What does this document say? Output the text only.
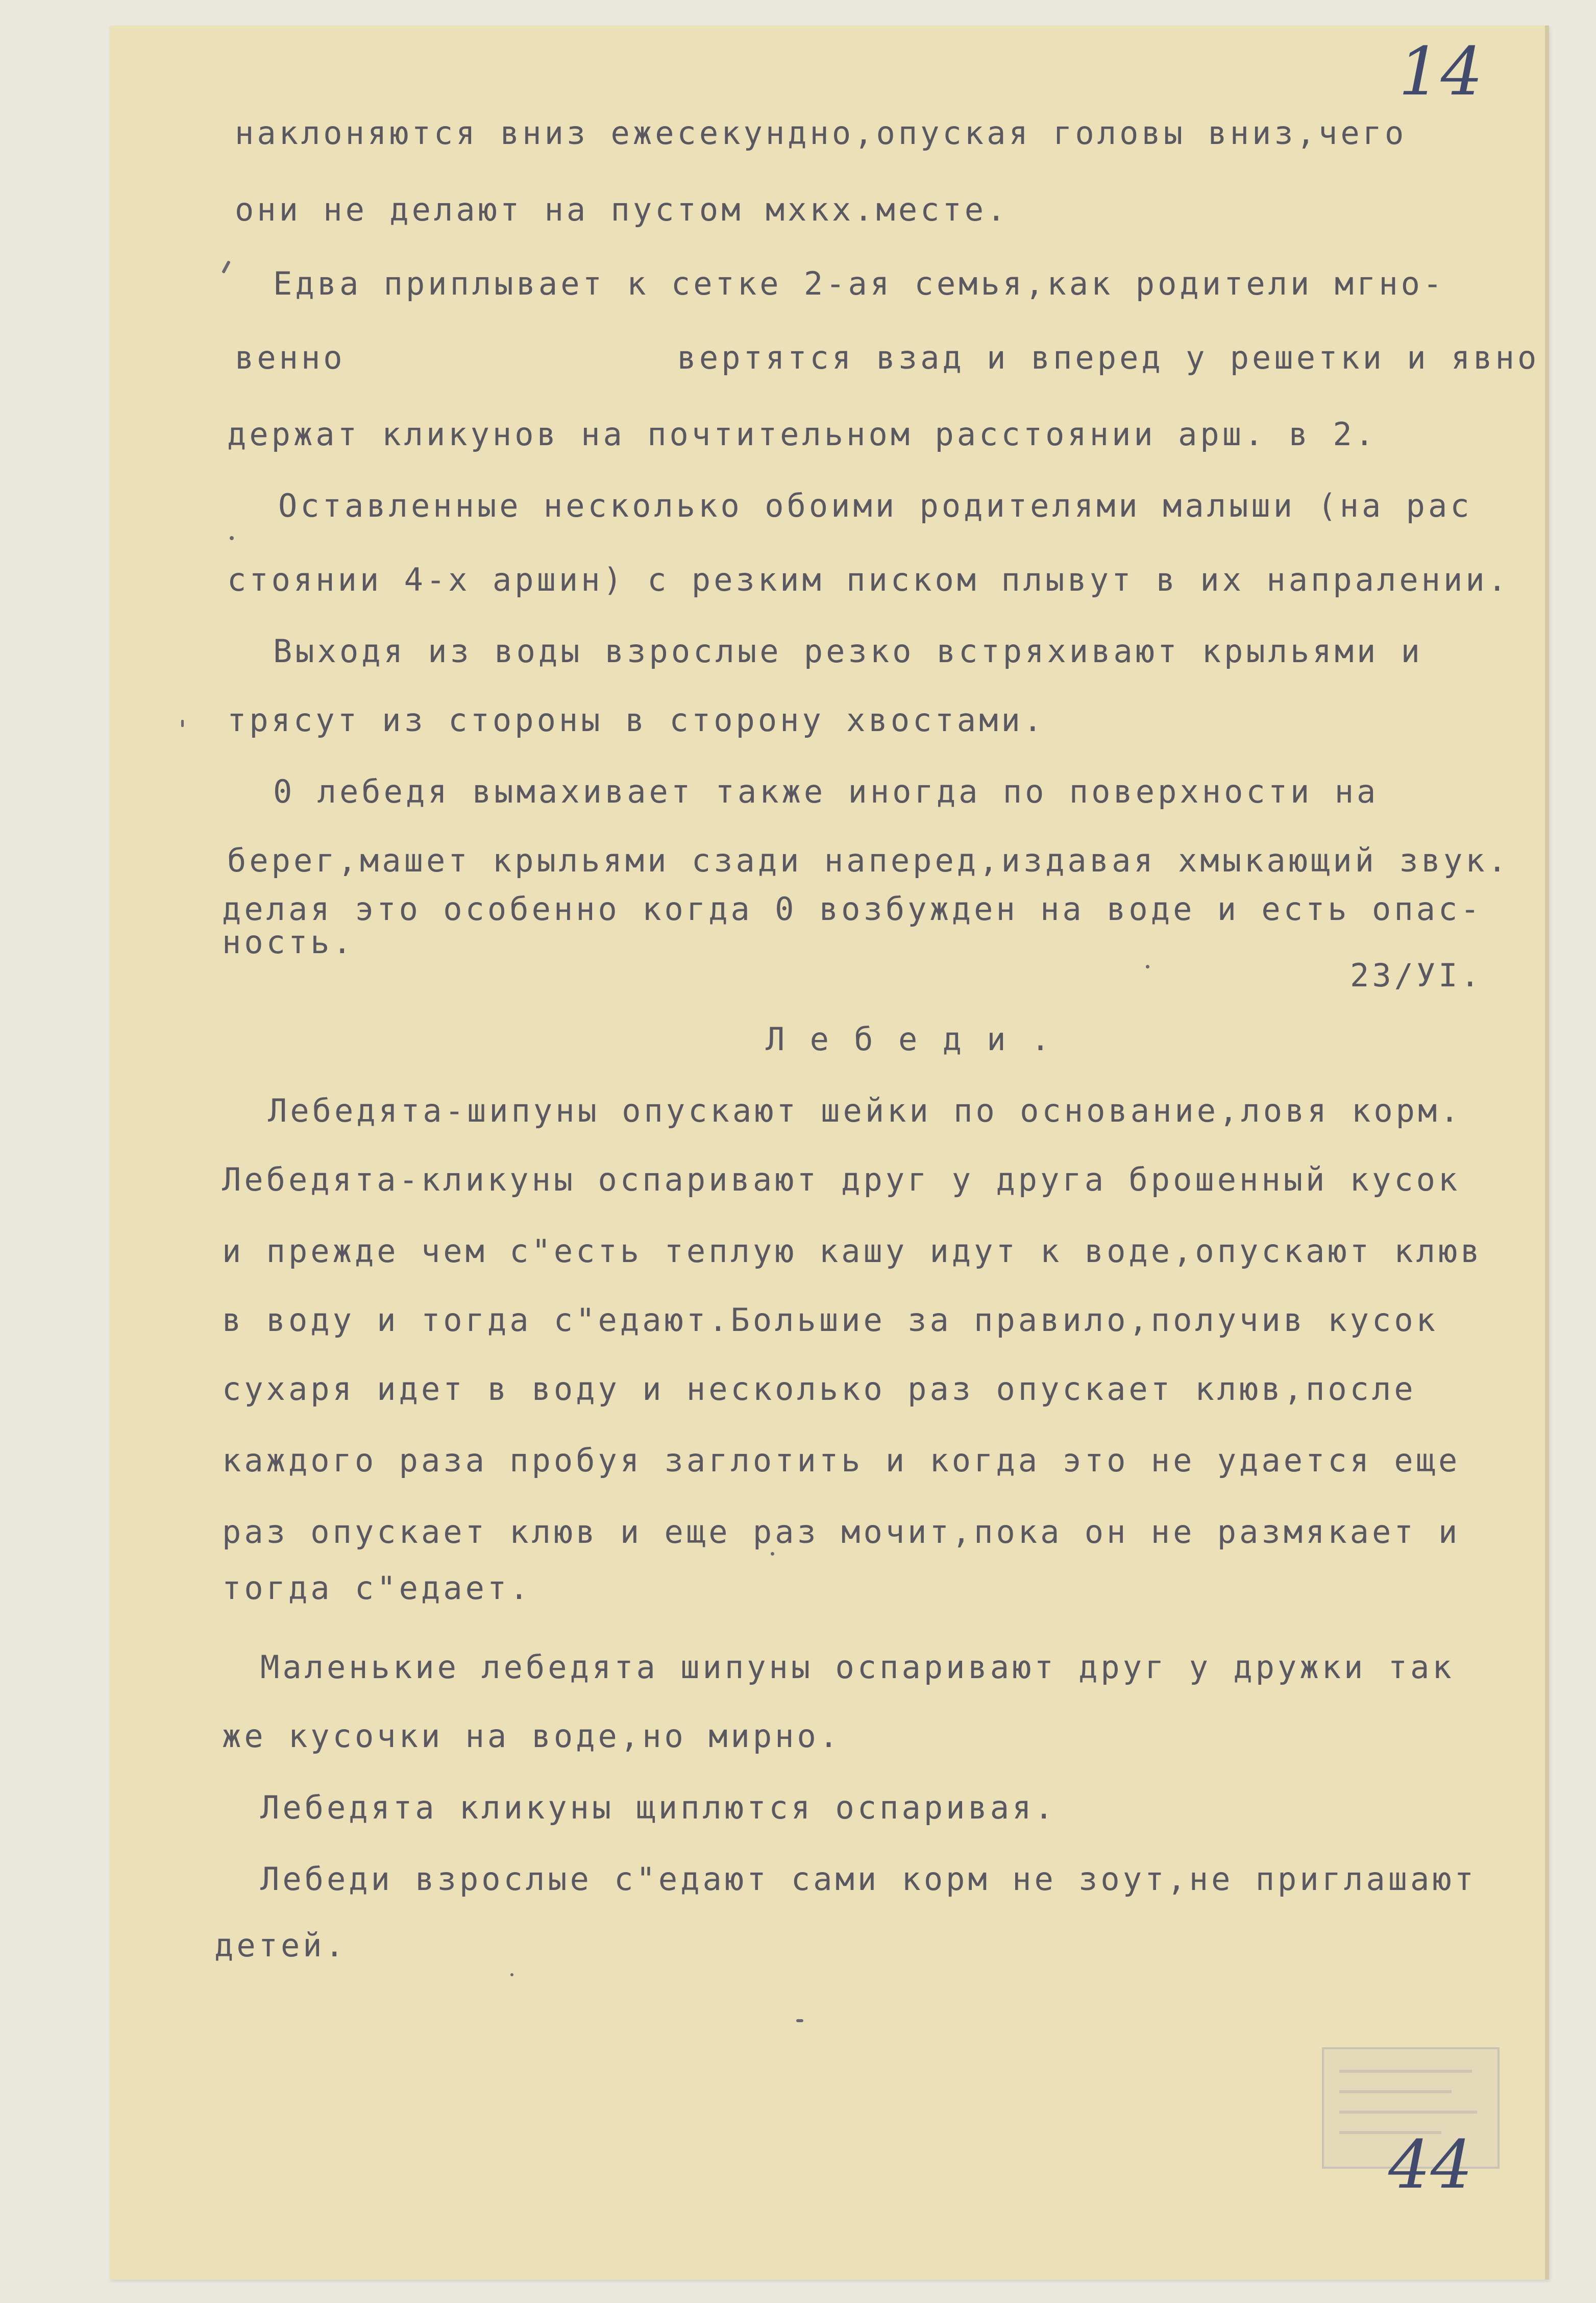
14
наклоняются вниз ежесекундно,опуская головы вниз,чего
они не делают на пустом мхкх.месте.
Едва приплывает к сетке 2-ая семья,как родители мгно-
венно               вертятся взад и вперед у решетки и явно
держат кликунов на почтительном расстоянии арш. в 2.
Оставленные несколько обоими родителями малыши (на рас
стоянии 4-х аршин) с резким писком плывут в их напралении.
Выходя из воды взрослые резко встряхивают крыльями и
трясут из стороны в сторону хвостами.
0 лебедя вымахивает также иногда по поверхности на
берег,машет крыльями сзади наперед,издавая хмыкающий звук.
делая это особенно когда 0 возбужден на воде и есть опас-
ность.
23/УI.
Л е б е д и .
Лебедята-шипуны опускают шейки по основание,ловя корм.
Лебедята-кликуны оспаривают друг у друга брошенный кусок
и прежде чем с"есть теплую кашу идут к воде,опускают клюв
в воду и тогда с"едают.Большие за правило,получив кусок
сухаря идет в воду и несколько раз опускает клюв,после
каждого раза пробуя заглотить и когда это не удается еще
раз опускает клюв и еще раз мочит,пока он не размякает и
тогда с"едает.
Маленькие лебедята шипуны оспаривают друг у дружки так
же кусочки на воде,но мирно.
Лебедята кликуны щиплются оспаривая.
Лебеди взрослые с"едают сами корм не зоут,не приглашают
детей.
44
